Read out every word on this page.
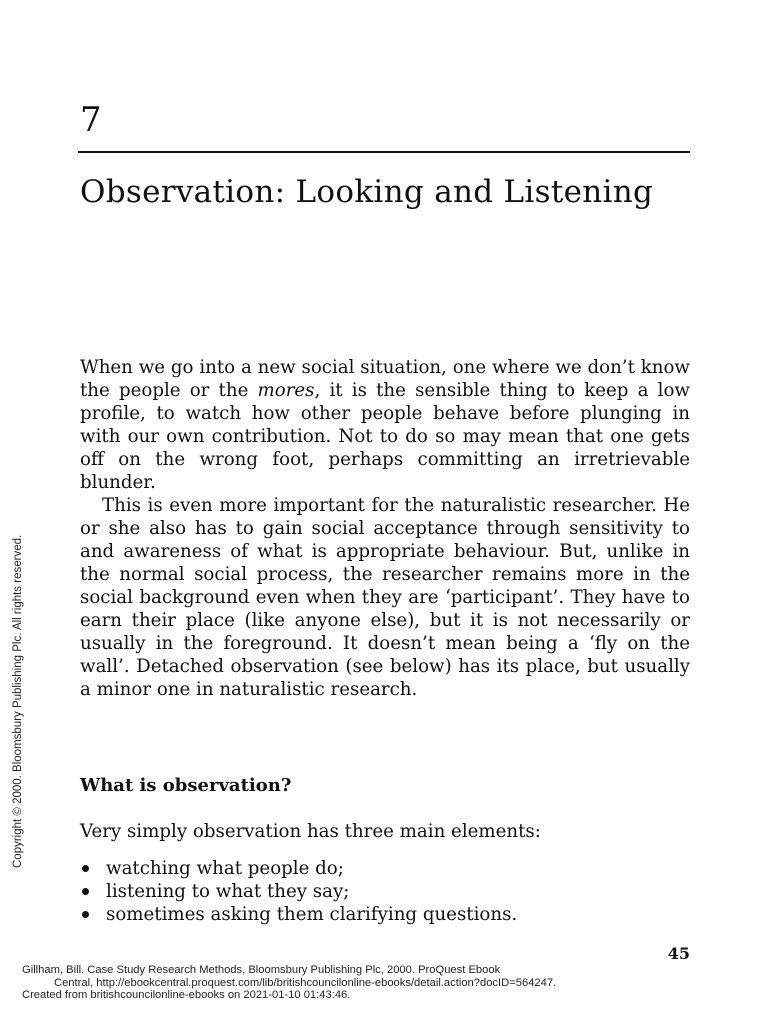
7
Observation: Looking and Listening

When we go into a new social situation, one where we don’t know the people or the mores, it is the sensible thing to keep a low profile, to watch how other people behave before plunging in with our own contribution. Not to do so may mean that one gets off on the wrong foot, perhaps committing an irretrievable blunder.

This is even more important for the naturalistic researcher. He or she also has to gain social acceptance through sensitivity to and awareness of what is appropriate behaviour. But, unlike in the normal social process, the researcher remains more in the social background even when they are ‘participant’. They have to earn their place (like anyone else), but it is not necessarily or usually in the foreground. It doesn’t mean being a ‘fly on the wall’. Detached observation (see below) has its place, but usually a minor one in naturalistic research.

What is observation?

Very simply observation has three main elements:

watching what people do;
listening to what they say;
sometimes asking them clarifying questions.
45
Copyright © 2000. Bloomsbury Publishing Plc. All rights reserved.
Gillham, Bill. Case Study Research Methods, Bloomsbury Publishing Plc, 2000. ProQuest Ebook
Central, http://ebookcentral.proquest.com/lib/britishcouncilonline-ebooks/detail.action?docID=564247.
Created from britishcouncilonline-ebooks on 2021-01-10 01:43:46.
